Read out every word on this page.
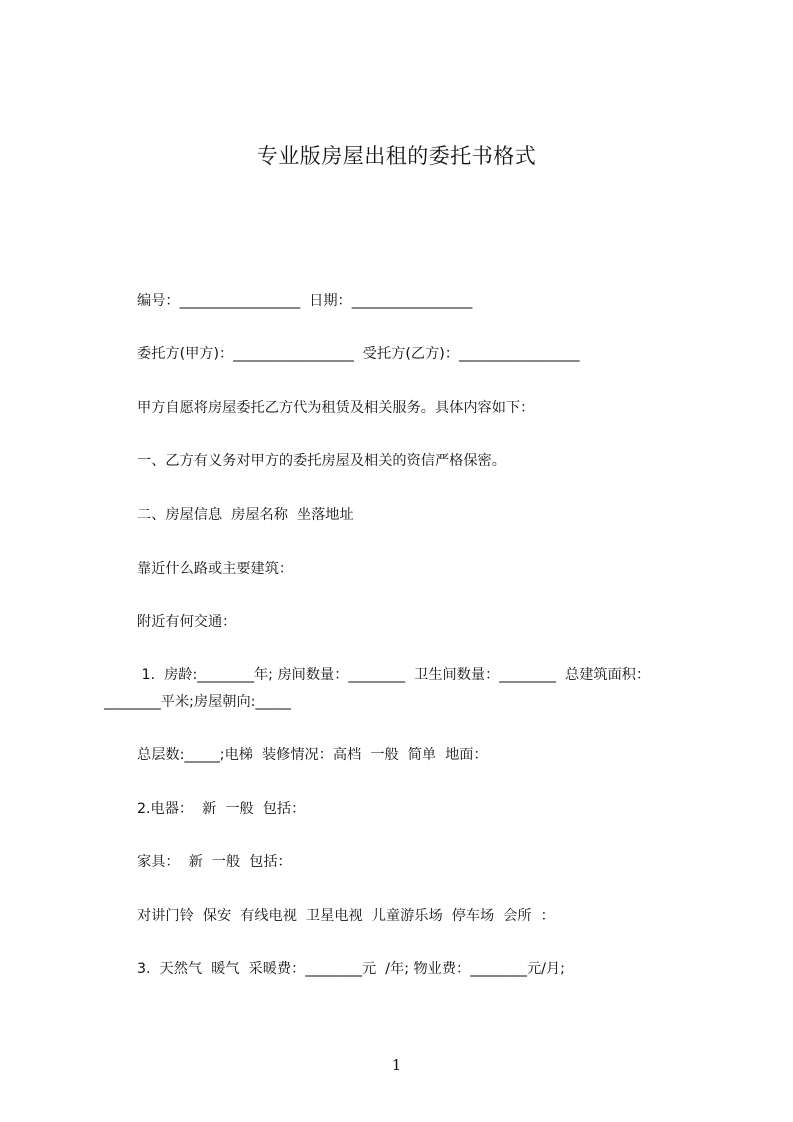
专业版房屋出租的委托书格式
编号：_________________  日期：_________________
委托方(甲方)：_________________  受托方(乙方)：_________________
甲方自愿将房屋委托乙方代为租赁及相关服务。具体内容如下：
一、乙方有义务对甲方的委托房屋及相关的资信严格保密。
二、房屋信息  房屋名称  坐落地址
靠近什么路或主要建筑：
附近有何交通：
1.  房龄:________年; 房间数量：________  卫生间数量：________  总建筑面积：
________平米;房屋朝向:_____
总层数:_____;电梯  装修情况：高档  一般  简单  地面：
2.电器：  新  一般  包括：
家具：  新  一般  包括：
对讲门铃  保安  有线电视  卫星电视  儿童游乐场  停车场  会所  ：
3.  天然气  暖气  采暖费：________元  /年; 物业费：________元/月;
1
